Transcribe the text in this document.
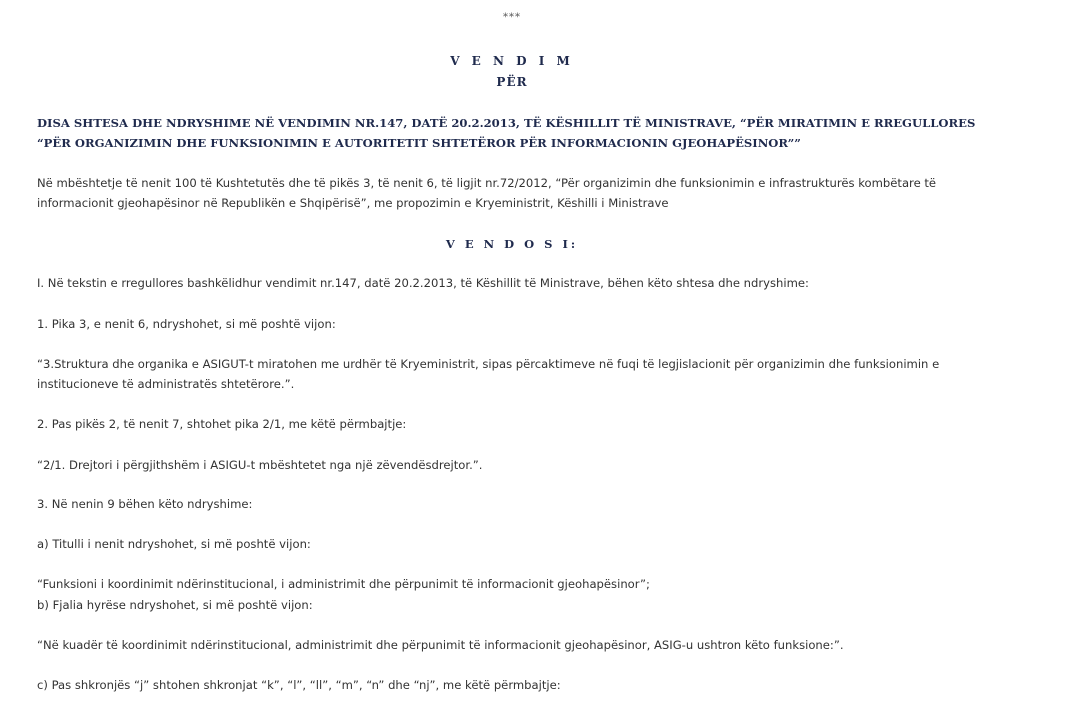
***
V E N D I M
PËR
DISA SHTESA DHE NDRYSHIME NË VENDIMIN NR.147, DATË 20.2.2013, TË KËSHILLIT TË MINISTRAVE, “PËR MIRATIMIN E RREGULLORES “PËR ORGANIZIMIN DHE FUNKSIONIMIN E AUTORITETIT SHTETËROR PËR INFORMACIONIN GJEOHAPËSINOR””
Në mbështetje të nenit 100 të Kushtetutës dhe të pikës 3, të nenit 6, të ligjit nr.72/2012, “Për organizimin dhe funksionimin e infrastrukturës kombëtare të informacionit gjeohapësinor në Republikën e Shqipërisë”, me propozimin e Kryeministrit, Këshilli i Ministrave
V E N D O S I:
I. Në tekstin e rregullores bashkëlidhur vendimit nr.147, datë 20.2.2013, të Këshillit të Ministrave, bëhen këto shtesa dhe ndryshime:
1. Pika 3, e nenit 6, ndryshohet, si më poshtë vijon:
“3.Struktura dhe organika e ASIGUT-t miratohen me urdhër të Kryeministrit, sipas përcaktimeve në fuqi të legjislacionit për organizimin dhe funksionimin e institucioneve të administratës shtetërore.”.
2. Pas pikës 2, të nenit 7, shtohet pika 2/1, me këtë përmbajtje:
“2/1. Drejtori i përgjithshëm i ASIGU-t mbështetet nga një zëvendësdrejtor.”.
3. Në nenin 9 bëhen këto ndryshime:
a) Titulli i nenit ndryshohet, si më poshtë vijon:
“Funksioni i koordinimit ndërinstitucional, i administrimit dhe përpunimit të informacionit gjeohapësinor”;
b) Fjalia hyrëse ndryshohet, si më poshtë vijon:
“Në kuadër të koordinimit ndërinstitucional, administrimit dhe përpunimit të informacionit gjeohapësinor, ASIG-u ushtron këto funksione:”.
c) Pas shkronjës “j” shtohen shkronjat “k”, “l”, “ll”, “m”, “n” dhe “nj”, me këtë përmbajtje:
